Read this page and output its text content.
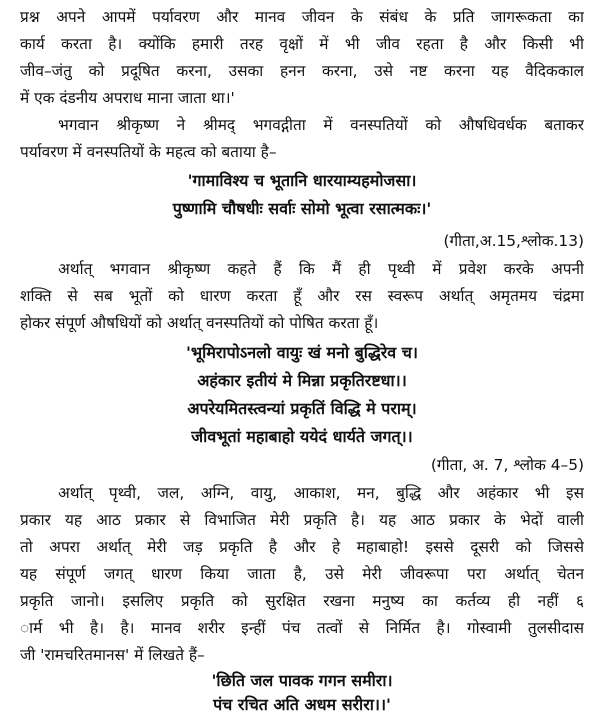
प्रश्न अपने आपमें पर्यावरण और मानव जीवन के संबंध के प्रति जागरूकता का
कार्य करता है। क्योंकि हमारी तरह वृक्षों में भी जीव रहता है और किसी भी
जीव–जंतु को प्रदूषित करना, उसका हनन करना, उसे नष्ट करना यह वैदिककाल
में एक दंडनीय अपराध माना जाता था।'
भगवान श्रीकृष्ण ने श्रीमद् भगवद्गीता में वनस्पतियों को औषधिवर्धक बताकर
पर्यावरण में वनस्पतियों के महत्व को बताया है–
'गामाविश्य च भूतानि धारयाम्यहमोजसा।
पुष्णामि चौषधीः सर्वाः सोमो भूत्वा रसात्मकः।'
(गीता,अ.15,श्लोक.13)
अर्थात् भगवान श्रीकृष्ण कहते हैं कि मैं ही पृथ्वी में प्रवेश करके अपनी
शक्ति से सब भूतों को धारण करता हूँ और रस स्वरूप अर्थात् अमृतमय चंद्रमा
होकर संपूर्ण औषधियों को अर्थात् वनस्पतियों को पोषित करता हूँ।
'भूमिरापोऽनलो वायुः खं मनो बुद्धिरेव च।
अहंकार इतीयं मे मिन्ना प्रकृतिरष्टधा।।
अपरेयमितस्त्वन्यां प्रकृतिं विद्धि मे पराम्।
जीवभूतां महाबाहो ययेदं धार्यते जगत्।।
(गीता, अ. 7, श्लोक 4–5)
अर्थात् पृथ्वी, जल, अग्नि, वायु, आकाश, मन, बुद्धि और अहंकार भी इस
प्रकार यह आठ प्रकार से विभाजित मेरी प्रकृति है। यह आठ प्रकार के भेदों वाली
तो अपरा अर्थात् मेरी जड़ प्रकृति है और हे महाबाहो! इससे दूसरी को जिससे
यह संपूर्ण जगत् धारण किया जाता है, उसे मेरी जीवरूपा परा अर्थात् चेतन
प्रकृति जानो। इसलिए प्रकृति को सुरक्षित रखना मनुष्य का कर्तव्य ही नहीं ६
ार्म भी है। है। मानव शरीर इन्हीं पंच तत्वों से निर्मित है। गोस्वामी तुलसीदास
जी 'रामचरितमानस' में लिखते हैं–
'छिति जल पावक गगन समीरा।
पंच रचित अति अधम सरीरा।।'
